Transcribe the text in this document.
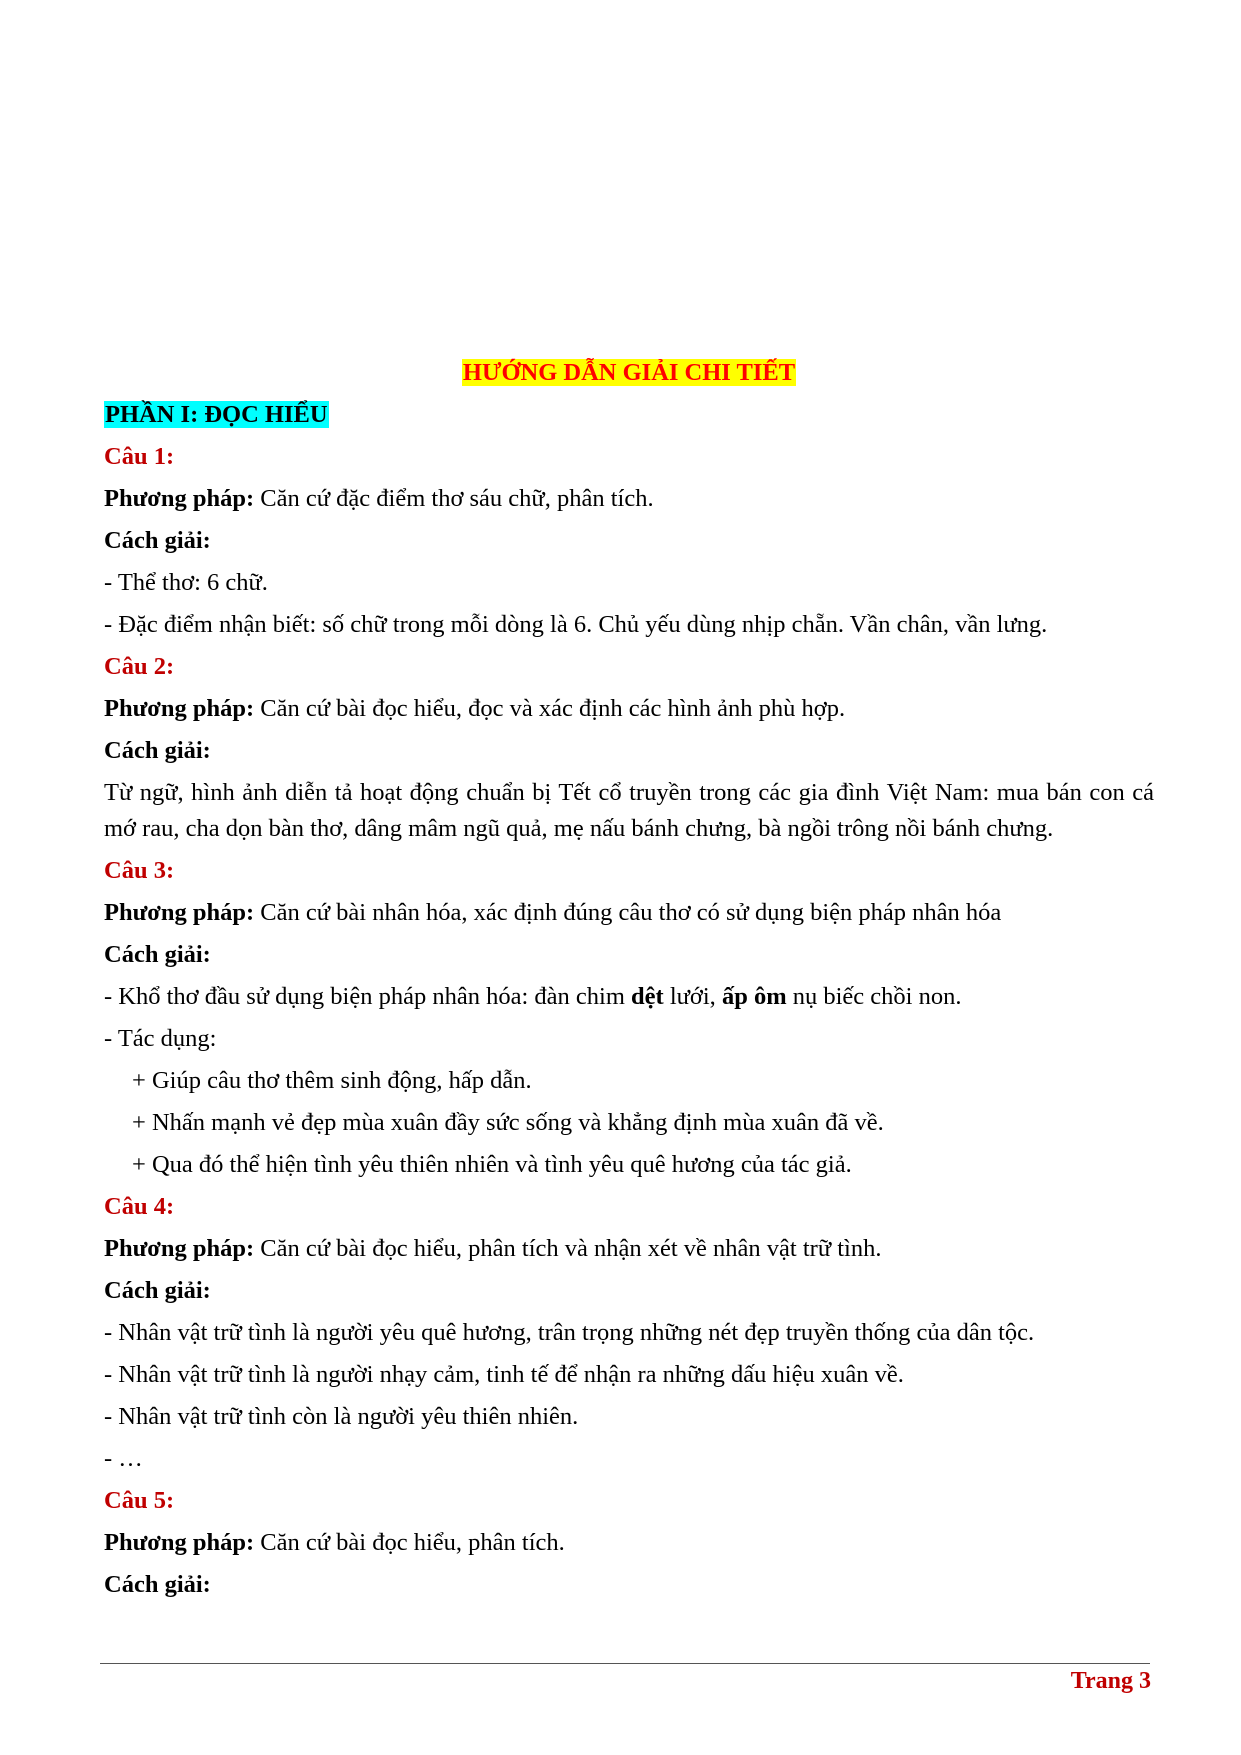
HƯỚNG DẪN GIẢI CHI TIẾT
PHẦN I: ĐỌC HIỂU
Câu 1:
Phương pháp: Căn cứ đặc điểm thơ sáu chữ, phân tích.
Cách giải:
- Thể thơ: 6 chữ.
- Đặc điểm nhận biết: số chữ trong mỗi dòng là 6. Chủ yếu dùng nhịp chẵn. Vần chân, vần lưng.
Câu 2:
Phương pháp: Căn cứ bài đọc hiểu, đọc và xác định các hình ảnh phù hợp.
Cách giải:
Từ ngữ, hình ảnh diễn tả hoạt động chuẩn bị Tết cổ truyền trong các gia đình Việt Nam: mua bán con cá mớ rau, cha dọn bàn thơ, dâng mâm ngũ quả, mẹ nấu bánh chưng, bà ngồi trông nồi bánh chưng.
Câu 3:
Phương pháp: Căn cứ bài nhân hóa, xác định đúng câu thơ có sử dụng biện pháp nhân hóa
Cách giải:
- Khổ thơ đầu sử dụng biện pháp nhân hóa: đàn chim dệt lưới, ấp ôm nụ biếc chồi non.
- Tác dụng:
+ Giúp câu thơ thêm sinh động, hấp dẫn.
+ Nhấn mạnh vẻ đẹp mùa xuân đầy sức sống và khẳng định mùa xuân đã về.
+ Qua đó thể hiện tình yêu thiên nhiên và tình yêu quê hương của tác giả.
Câu 4:
Phương pháp: Căn cứ bài đọc hiểu, phân tích và nhận xét về nhân vật trữ tình.
Cách giải:
- Nhân vật trữ tình là người yêu quê hương, trân trọng những nét đẹp truyền thống của dân tộc.
- Nhân vật trữ tình là người nhạy cảm, tinh tế để nhận ra những dấu hiệu xuân về.
- Nhân vật trữ tình còn là người yêu thiên nhiên.
- …
Câu 5:
Phương pháp: Căn cứ bài đọc hiểu, phân tích.
Cách giải:
Trang 3
